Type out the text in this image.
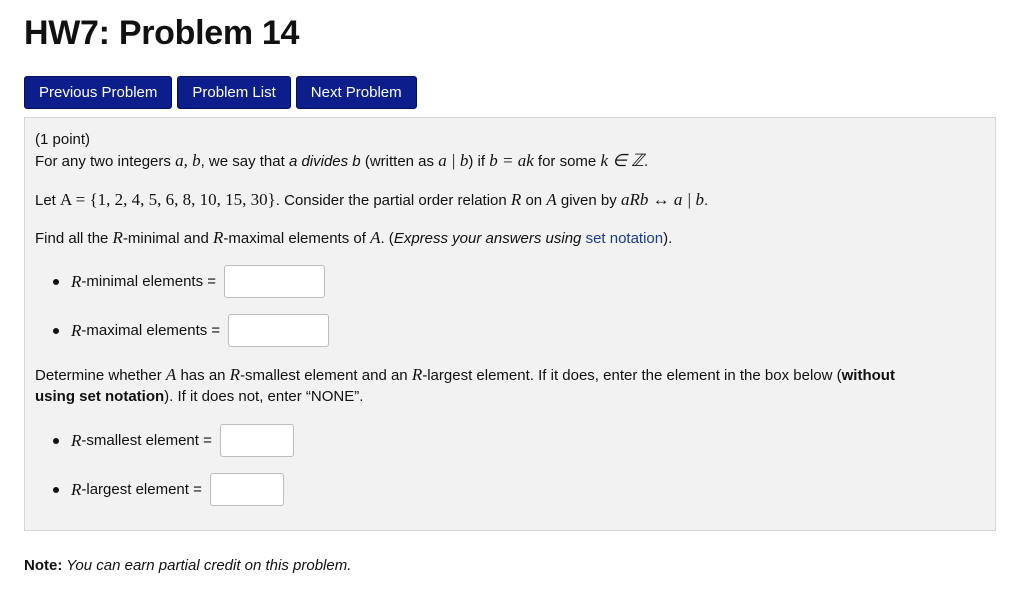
HW7: Problem 14
Previous Problem	Problem List	Next Problem
(1 point)
For any two integers a, b, we say that a divides b (written as a | b) if b = ak for some k ∈ ℤ.
Let A = {1, 2, 4, 5, 6, 8, 10, 15, 30}. Consider the partial order relation R on A given by aRb ↔ a | b.
Find all the R-minimal and R-maximal elements of A. (Express your answers using set notation).
R -minimal elements =
R -maximal elements =
Determine whether A has an R-smallest element and an R-largest element. If it does, enter the element in the box below (without
using set notation). If it does not, enter “NONE”.
R -smallest element =
R -largest element =
Note: You can earn partial credit on this problem.
